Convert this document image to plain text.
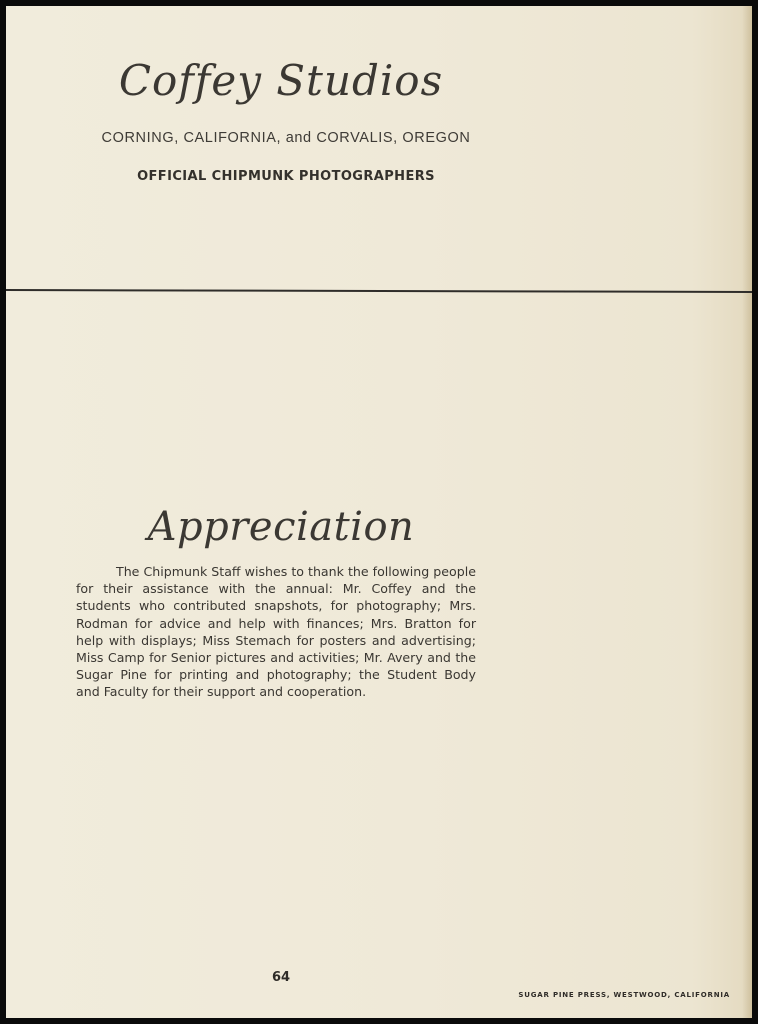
Coffey Studios
CORNING, CALIFORNIA, and CORVALIS, OREGON
OFFICIAL CHIPMUNK PHOTOGRAPHERS
Appreciation

The Chipmunk Staff wishes to thank the following people for their assistance with the annual: Mr. Coffey and the students who contributed snapshots, for photography; Mrs. Rodman for advice and help with finances; Mrs. Bratton for help with displays; Miss Stemach for posters and advertising; Miss Camp for Senior pictures and activities; Mr. Avery and the Sugar Pine for printing and photography; the Student Body and Faculty for their support and cooperation.

64
SUGAR PINE PRESS, WESTWOOD, CALIFORNIA
